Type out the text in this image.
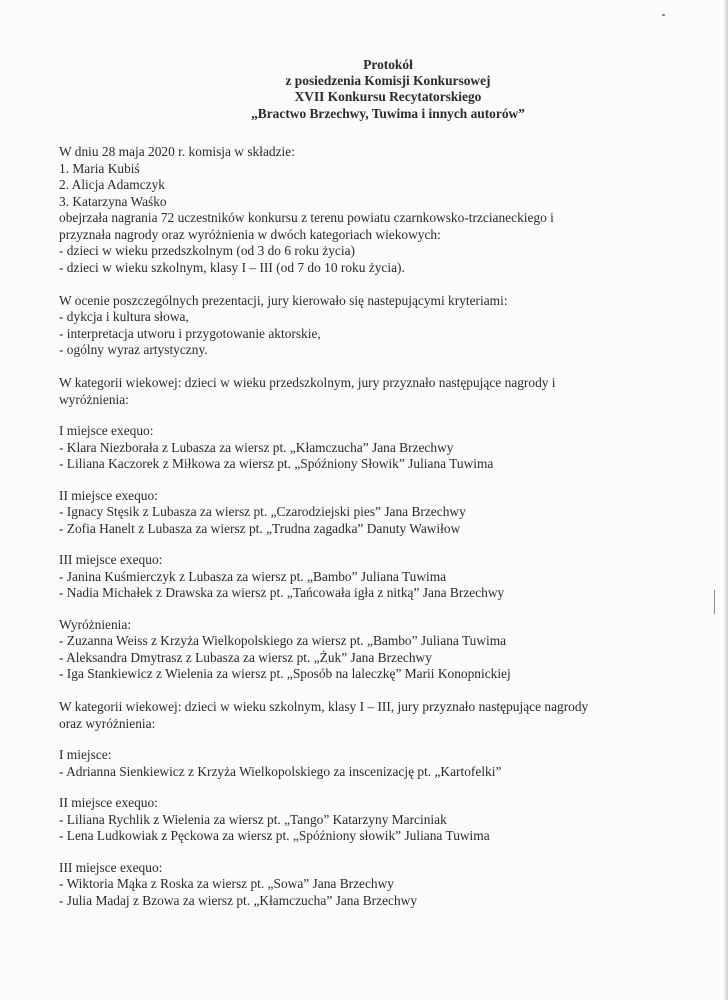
Protokół
z posiedzenia Komisji Konkursowej
XVII Konkursu Recytatorskiego
„Bractwo Brzechwy, Tuwima i innych autorów”
W dniu 28 maja 2020 r. komisja w składzie:
1. Maria Kubiś
2. Alicja Adamczyk
3. Katarzyna Waśko
obejrzała nagrania 72 uczestników konkursu z terenu powiatu czarnkowsko-trzcianeckiego i
przyznała nagrody oraz wyróżnienia w dwóch kategoriach wiekowych:
- dzieci w wieku przedszkolnym (od 3 do 6 roku życia)
- dzieci w wieku szkolnym, klasy I – III (od 7 do 10 roku życia).
W ocenie poszczególnych prezentacji, jury kierowało się nastepującymi kryteriami:
- dykcja i kultura słowa,
- interpretacja utworu i przygotowanie aktorskie,
- ogólny wyraz artystyczny.
W kategorii wiekowej: dzieci w wieku przedszkolnym, jury przyznało następujące nagrody i
wyróżnienia:
I miejsce exequo:
- Klara Niezborała z Lubasza za wiersz pt. „Kłamczucha” Jana Brzechwy
- Liliana Kaczorek z Miłkowa za wiersz pt. „Spóźniony Słowik” Juliana Tuwima
II miejsce exequo:
- Ignacy Stęsik z Lubasza za wiersz pt. „Czarodziejski pies” Jana Brzechwy
- Zofia Hanelt z Lubasza za wiersz pt. „Trudna zagadka” Danuty Wawiłow
III miejsce exequo:
- Janina Kuśmierczyk z Lubasza za wiersz pt. „Bambo” Juliana Tuwima
- Nadia Michałek z Drawska za wiersz pt. „Tańcowała igła z nitką” Jana Brzechwy
Wyróżnienia:
- Zuzanna Weiss z Krzyża Wielkopolskiego za wiersz pt. „Bambo” Juliana Tuwima
- Aleksandra Dmytrasz z Lubasza za wiersz pt. „Żuk” Jana Brzechwy
- Iga Stankiewicz z Wielenia za wiersz pt. „Sposób na laleczkę” Marii Konopnickiej
W kategorii wiekowej: dzieci w wieku szkolnym, klasy I – III, jury przyznało następujące nagrody
oraz wyróżnienia:
I miejsce:
- Adrianna Sienkiewicz z Krzyża Wielkopolskiego za inscenizację pt. „Kartofelki”
II miejsce exequo:
- Liliana Rychlik z Wielenia za wiersz pt. „Tango” Katarzyny Marciniak
- Lena Ludkowiak z Pęckowa za wiersz pt. „Spóźniony słowik” Juliana Tuwima
III miejsce exequo:
- Wiktoria Mąka z Roska za wiersz pt. „Sowa” Jana Brzechwy
- Julia Madaj z Bzowa za wiersz pt. „Kłamczucha” Jana Brzechwy
